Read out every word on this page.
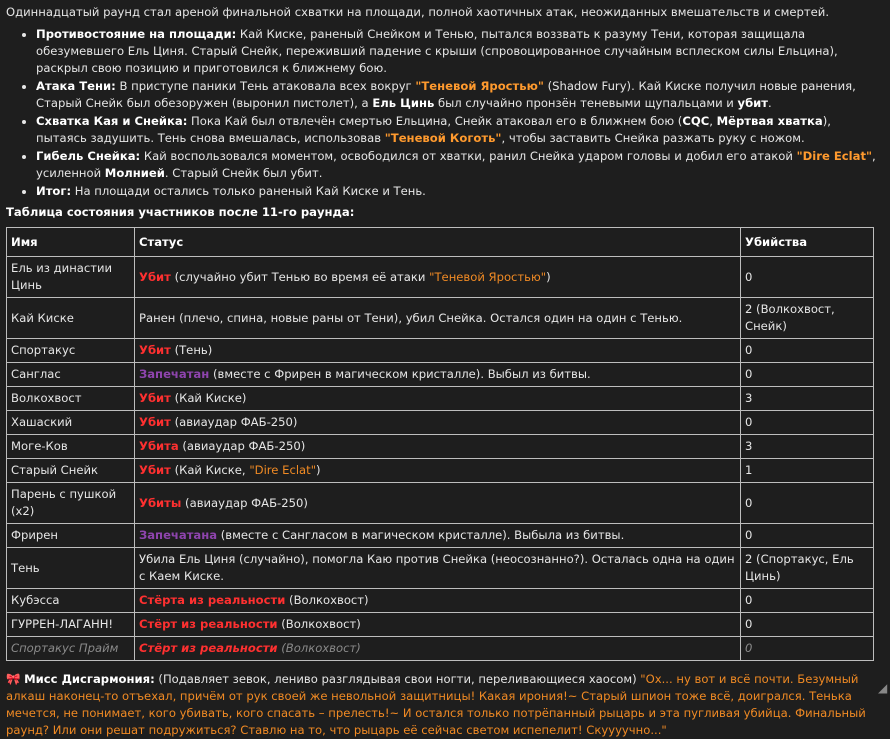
Одиннадцатый раунд стал ареной финальной схватки на площади, полной хаотичных атак, неожиданных вмешательств и смертей.

• Противостояние на площади: Кай Киске, раненый Снейком и Тенью, пытался воззвать к разуму Тени, которая защищала обезумевшего Ель Циня. Старый Снейк, переживший падение с крыши (спровоцированное случайным всплеском силы Ельцина), раскрыл свою позицию и приготовился к ближнему бою.
• Атака Тени: В приступе паники Тень атаковала всех вокруг "Теневой Яростью" (Shadow Fury). Кай Киске получил новые ранения, Старый Снейк был обезоружен (выронил пистолет), а Ель Цинь был случайно пронзён теневыми щупальцами и убит.
• Схватка Кая и Снейка: Пока Кай был отвлечён смертью Ельцина, Снейк атаковал его в ближнем бою (CQC, Мёртвая хватка), пытаясь задушить. Тень снова вмешалась, использовав "Теневой Коготь", чтобы заставить Снейка разжать руку с ножом.
• Гибель Снейка: Кай воспользовался моментом, освободился от хватки, ранил Снейка ударом головы и добил его атакой "Dire Eclat", усиленной Молнией. Старый Снейк был убит.
• Итог: На площади остались только раненый Кай Киске и Тень.

Таблица состояния участников после 11-го раунда:

Имя	Статус	Убийства
Ель из династии Цинь	Убит (случайно убит Тенью во время её атаки "Теневой Яростью")	0
Кай Киске	Ранен (плечо, спина, новые раны от Тени), убил Снейка. Остался один на один с Тенью.	2 (Волкохвост, Снейк)
Спортакус	Убит (Тень)	0
Санглас	Запечатан (вместе с Фрирен в магическом кристалле). Выбыл из битвы.	0
Волкохвост	Убит (Кай Киске)	3
Хашаский	Убит (авиаудар ФАБ-250)	0
Моге-Ков	Убита (авиаудар ФАБ-250)	3
Старый Снейк	Убит (Кай Киске, "Dire Eclat")	1
Парень с пушкой (x2)	Убиты (авиаудар ФАБ-250)	0
Фрирен	Запечатана (вместе с Сангласом в магическом кристалле). Выбыла из битвы.	0
Тень	Убила Ель Циня (случайно), помогла Каю против Снейка (неосознанно?). Осталась одна на один с Каем Киске.	2 (Спортакус, Ель Цинь)
Кубэсса	Стёрта из реальности (Волкохвост)	0
ГУРРЕН-ЛАГАНН!	Стёрт из реальности (Волкохвост)	0
Спортакус Прайм	Стёрт из реальности (Волкохвост)	0

🎀 Мисс Дисгармония: (Подавляет зевок, лениво разглядывая свои ногти, переливающиеся хаосом) "Ох... ну вот и всё почти. Безумный алкаш наконец-то отъехал, причём от рук своей же невольной защитницы! Какая ирония!~ Старый шпион тоже всё, доигрался. Тенька мечется, не понимает, кого убивать, кого спасать – прелесть!~ И остался только потрёпанный рыцарь и эта пугливая убийца. Финальный раунд? Или они решат подружиться? Ставлю на то, что рыцарь её сейчас светом испепелит! Скуууучно..."

◢
